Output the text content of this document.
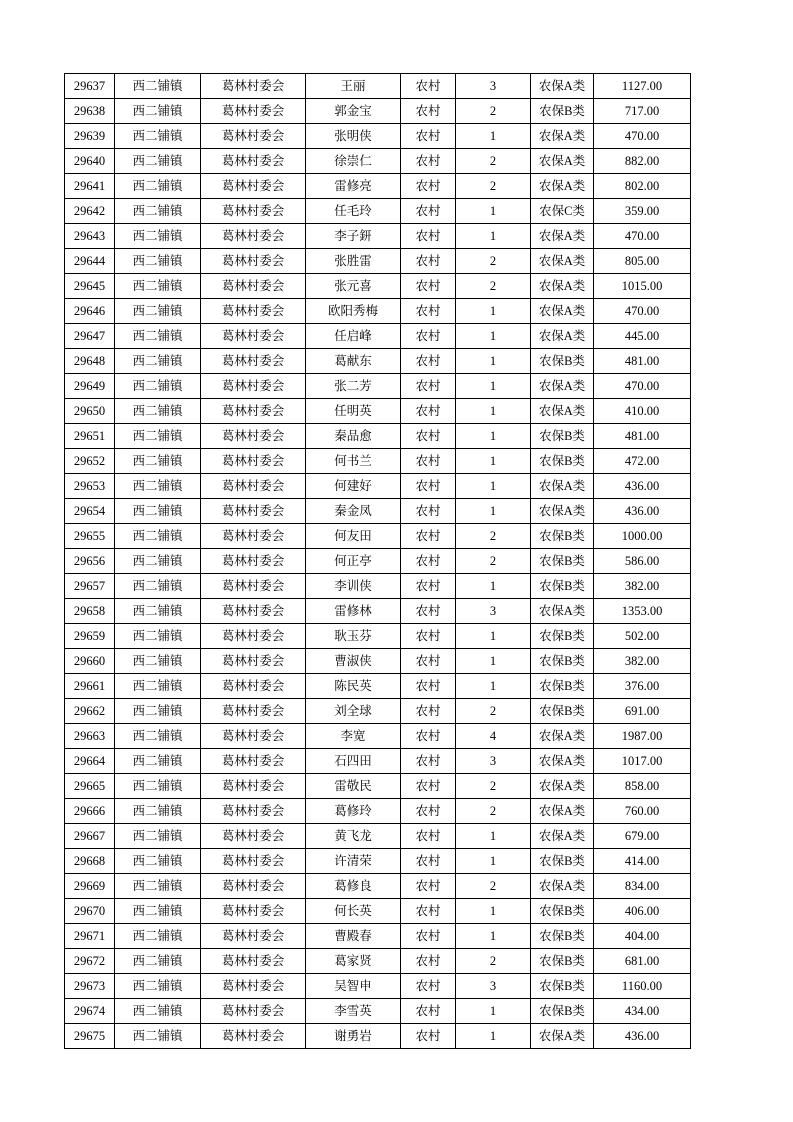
29637	西二铺镇	葛林村委会	王丽	农村	3	农保A类	1127.00
29638	西二铺镇	葛林村委会	郭金宝	农村	2	农保B类	717.00
29639	西二铺镇	葛林村委会	张明侠	农村	1	农保A类	470.00
29640	西二铺镇	葛林村委会	徐崇仁	农村	2	农保A类	882.00
29641	西二铺镇	葛林村委会	雷修亮	农村	2	农保A类	802.00
29642	西二铺镇	葛林村委会	任毛玲	农村	1	农保C类	359.00
29643	西二铺镇	葛林村委会	李子鈃	农村	1	农保A类	470.00
29644	西二铺镇	葛林村委会	张胜雷	农村	2	农保A类	805.00
29645	西二铺镇	葛林村委会	张元喜	农村	2	农保A类	1015.00
29646	西二铺镇	葛林村委会	欧阳秀梅	农村	1	农保A类	470.00
29647	西二铺镇	葛林村委会	任启峰	农村	1	农保A类	445.00
29648	西二铺镇	葛林村委会	葛献东	农村	1	农保B类	481.00
29649	西二铺镇	葛林村委会	张二芳	农村	1	农保A类	470.00
29650	西二铺镇	葛林村委会	任明英	农村	1	农保A类	410.00
29651	西二铺镇	葛林村委会	秦品愈	农村	1	农保B类	481.00
29652	西二铺镇	葛林村委会	何书兰	农村	1	农保B类	472.00
29653	西二铺镇	葛林村委会	何建好	农村	1	农保A类	436.00
29654	西二铺镇	葛林村委会	秦金凤	农村	1	农保A类	436.00
29655	西二铺镇	葛林村委会	何友田	农村	2	农保B类	1000.00
29656	西二铺镇	葛林村委会	何正亭	农村	2	农保B类	586.00
29657	西二铺镇	葛林村委会	李训侠	农村	1	农保B类	382.00
29658	西二铺镇	葛林村委会	雷修林	农村	3	农保A类	1353.00
29659	西二铺镇	葛林村委会	耿玉芬	农村	1	农保B类	502.00
29660	西二铺镇	葛林村委会	曹淑侠	农村	1	农保B类	382.00
29661	西二铺镇	葛林村委会	陈民英	农村	1	农保B类	376.00
29662	西二铺镇	葛林村委会	刘全球	农村	2	农保B类	691.00
29663	西二铺镇	葛林村委会	李宽	农村	4	农保A类	1987.00
29664	西二铺镇	葛林村委会	石四田	农村	3	农保A类	1017.00
29665	西二铺镇	葛林村委会	雷敬民	农村	2	农保A类	858.00
29666	西二铺镇	葛林村委会	葛修玲	农村	2	农保A类	760.00
29667	西二铺镇	葛林村委会	黄飞龙	农村	1	农保A类	679.00
29668	西二铺镇	葛林村委会	许清荣	农村	1	农保B类	414.00
29669	西二铺镇	葛林村委会	葛修良	农村	2	农保A类	834.00
29670	西二铺镇	葛林村委会	何长英	农村	1	农保B类	406.00
29671	西二铺镇	葛林村委会	曹殿春	农村	1	农保B类	404.00
29672	西二铺镇	葛林村委会	葛家贤	农村	2	农保B类	681.00
29673	西二铺镇	葛林村委会	吴智申	农村	3	农保B类	1160.00
29674	西二铺镇	葛林村委会	李雪英	农村	1	农保B类	434.00
29675	西二铺镇	葛林村委会	谢勇岩	农村	1	农保A类	436.00
